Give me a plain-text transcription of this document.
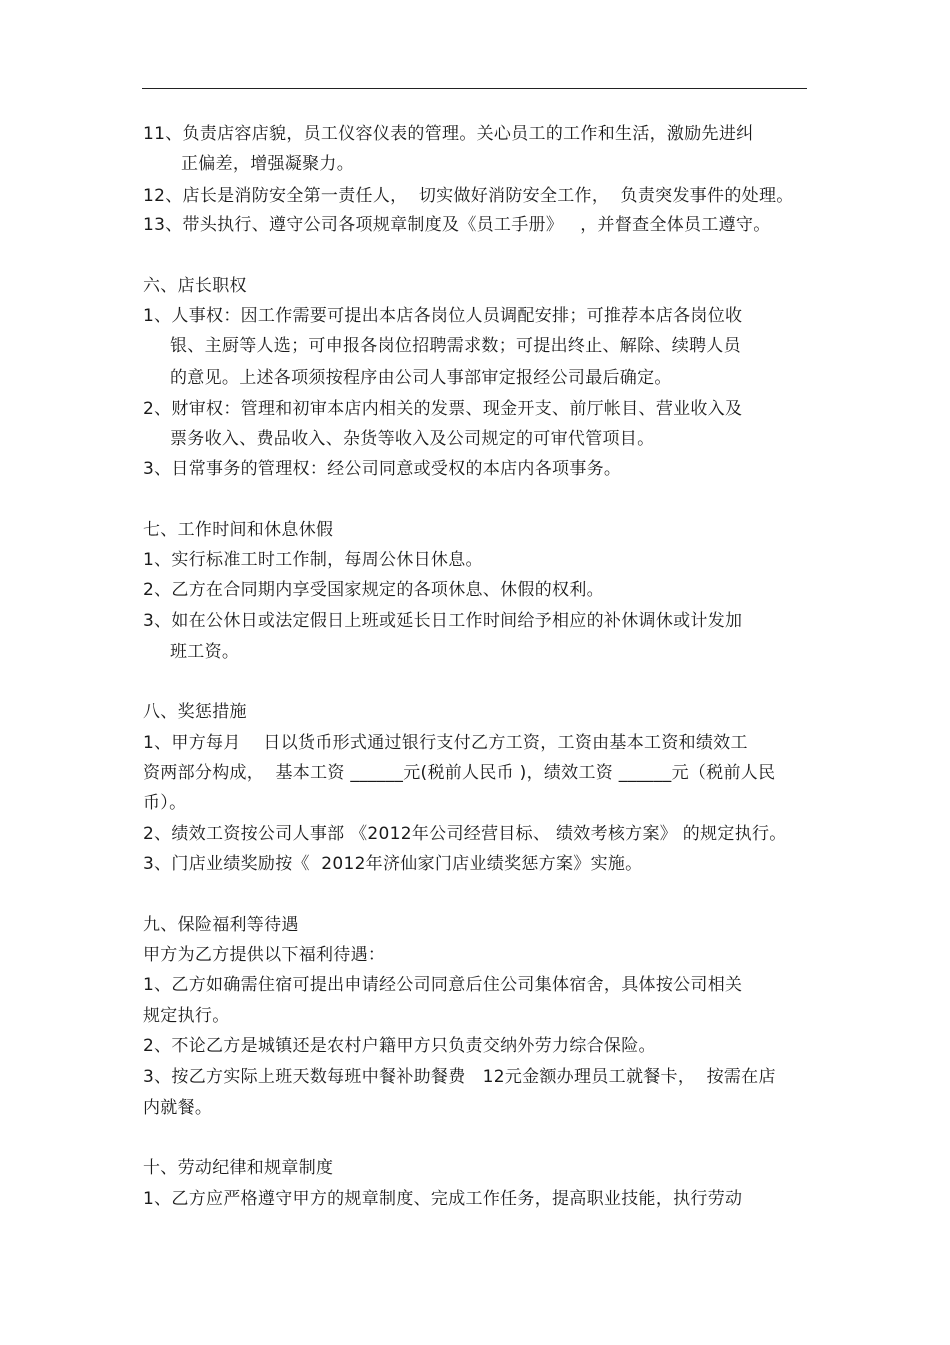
11、负责店容店貌，员工仪容仪表的管理。关心员工的工作和生活，激励先进纠
正偏差，增强凝聚力。
12、店长是消防安全第一责任人，  切实做好消防安全工作，  负责突发事件的处理。
13、带头执行、遵守公司各项规章制度及《员工手册》   ，并督查全体员工遵守。
六、店长职权
1、人事权：因工作需要可提出本店各岗位人员调配安排；可推荐本店各岗位收
银、主厨等人选；可申报各岗位招聘需求数；可提出终止、解除、续聘人员
的意见。上述各项须按程序由公司人事部审定报经公司最后确定。
2、财审权：管理和初审本店内相关的发票、现金开支、前厅帐目、营业收入及
票务收入、费品收入、杂货等收入及公司规定的可审代管项目。
3、日常事务的管理权：经公司同意或受权的本店内各项事务。
七、工作时间和休息休假
1、实行标准工时工作制，每周公休日休息。
2、乙方在合同期内享受国家规定的各项休息、休假的权利。
3、如在公休日或法定假日上班或延长日工作时间给予相应的补休调休或计发加
班工资。
八、奖惩措施
1、甲方每月    日以货币形式通过银行支付乙方工资，工资由基本工资和绩效工
资两部分构成，  基本工资 ______元(税前人民币 )，绩效工资 ______元（税前人民
币）。
2、绩效工资按公司人事部 《2012年公司经营目标、 绩效考核方案》 的规定执行。
3、门店业绩奖励按《  2012年济仙家门店业绩奖惩方案》实施。
九、保险福利等待遇
甲方为乙方提供以下福利待遇：
1、乙方如确需住宿可提出申请经公司同意后住公司集体宿舍，具体按公司相关
规定执行。
2、不论乙方是城镇还是农村户籍甲方只负责交纳外劳力综合保险。
3、按乙方实际上班天数每班中餐补助餐费   12元金额办理员工就餐卡，  按需在店
内就餐。
十、劳动纪律和规章制度
1、乙方应严格遵守甲方的规章制度、完成工作任务，提高职业技能，执行劳动
